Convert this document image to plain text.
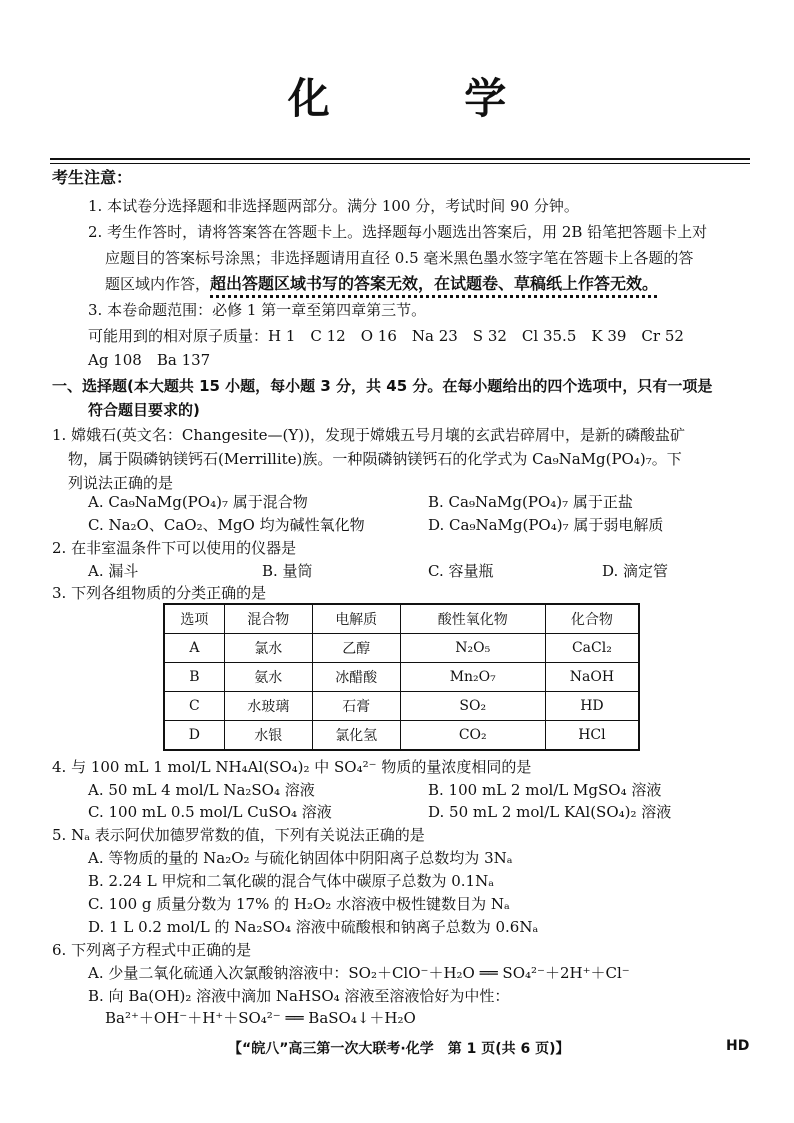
化 学
考生注意：
1. 本试卷分选择题和非选择题两部分。满分 100 分，考试时间 90 分钟。
2. 考生作答时，请将答案答在答题卡上。选择题每小题选出答案后，用 2B 铅笔把答题卡上对
应题目的答案标号涂黑；非选择题请用直径 0.5 毫米黑色墨水签字笔在答题卡上各题的答
题区域内作答，超出答题区域书写的答案无效，在试题卷、草稿纸上作答无效。
3. 本卷命题范围：必修 1 第一章至第四章第三节。
可能用到的相对原子质量：H 1　C 12　O 16　Na 23　S 32　Cl 35.5　K 39　Cr 52
Ag 108　Ba 137
一、选择题(本大题共 15 小题，每小题 3 分，共 45 分。在每小题给出的四个选项中，只有一项是
符合题目要求的)
1. 嫦娥石(英文名：Changesite—(Y))，发现于嫦娥五号月壤的玄武岩碎屑中，是新的磷酸盐矿
物，属于陨磷钠镁钙石(Merrillite)族。一种陨磷钠镁钙石的化学式为 Ca₉NaMg(PO₄)₇。下
列说法正确的是
A. Ca₉NaMg(PO₄)₇ 属于混合物	B. Ca₉NaMg(PO₄)₇ 属于正盐
C. Na₂O、CaO₂、MgO 均为碱性氧化物	D. Ca₉NaMg(PO₄)₇ 属于弱电解质
2. 在非室温条件下可以使用的仪器是
A. 漏斗	B. 量筒	C. 容量瓶	D. 滴定管
3. 下列各组物质的分类正确的是
选项	混合物	电解质	酸性氧化物	化合物
A	氯水	乙醇	N₂O₅	CaCl₂
B	氨水	冰醋酸	Mn₂O₇	NaOH
C	水玻璃	石膏	SO₂	HD
D	水银	氯化氢	CO₂	HCl
4. 与 100 mL 1 mol/L NH₄Al(SO₄)₂ 中 SO₄²⁻ 物质的量浓度相同的是
A. 50 mL 4 mol/L Na₂SO₄ 溶液	B. 100 mL 2 mol/L MgSO₄ 溶液
C. 100 mL 0.5 mol/L CuSO₄ 溶液	D. 50 mL 2 mol/L KAl(SO₄)₂ 溶液
5. Nₐ 表示阿伏加德罗常数的值，下列有关说法正确的是
A. 等物质的量的 Na₂O₂ 与硫化钠固体中阴阳离子总数均为 3Nₐ
B. 2.24 L 甲烷和二氧化碳的混合气体中碳原子总数为 0.1Nₐ
C. 100 g 质量分数为 17% 的 H₂O₂ 水溶液中极性键数目为 Nₐ
D. 1 L 0.2 mol/L 的 Na₂SO₄ 溶液中硫酸根和钠离子总数为 0.6Nₐ
6. 下列离子方程式中正确的是
A. 少量二氧化硫通入次氯酸钠溶液中：SO₂＋ClO⁻＋H₂O ══ SO₄²⁻＋2H⁺＋Cl⁻
B. 向 Ba(OH)₂ 溶液中滴加 NaHSO₄ 溶液至溶液恰好为中性：
Ba²⁺＋OH⁻＋H⁺＋SO₄²⁻ ══ BaSO₄↓＋H₂O
【“皖八”高三第一次大联考·化学　第 1 页(共 6 页)】	HD
